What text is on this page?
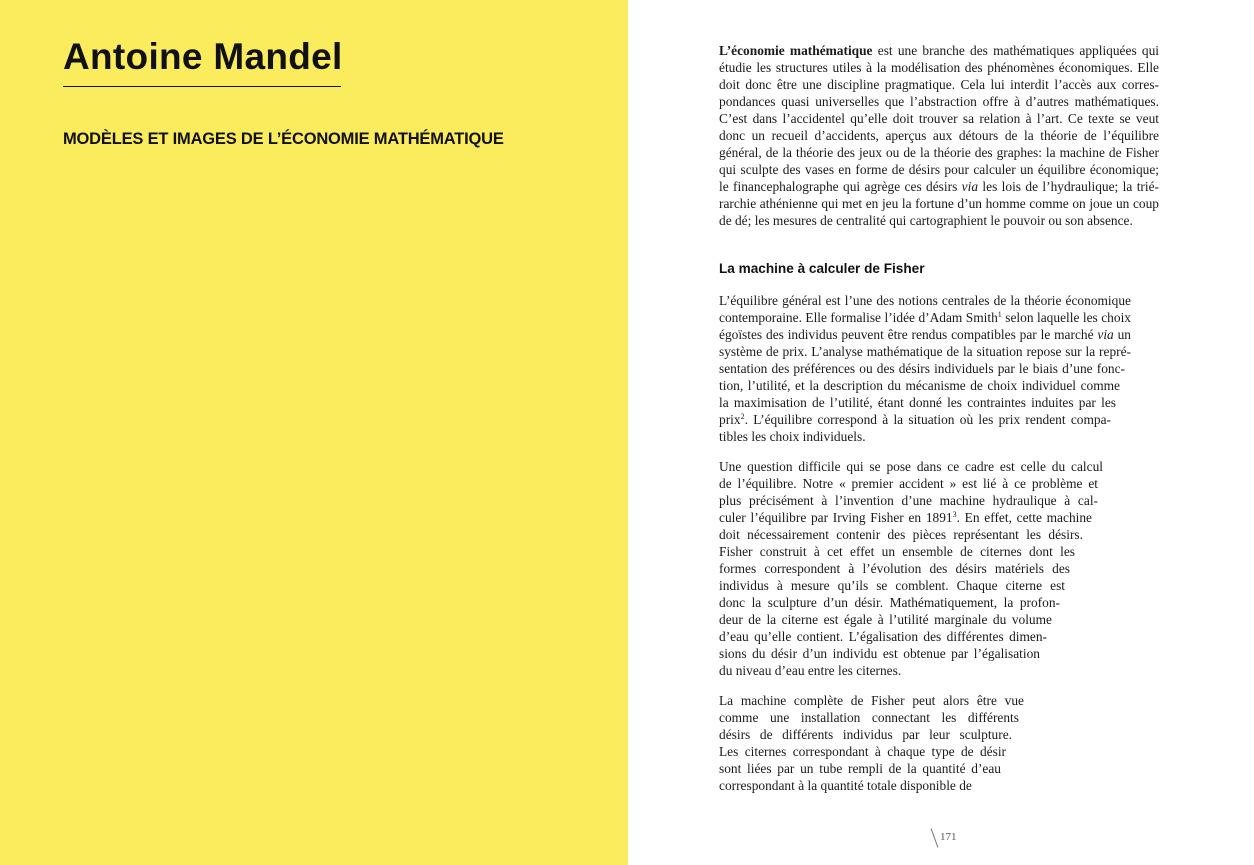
Antoine Mandel
MODÈLES ET IMAGES DE L’ÉCONOMIE MATHÉMATIQUE
L’économie mathématique est une branche des mathématiques appliquées qui
étudie les structures utiles à la modélisation des phénomènes économiques. Elle
doit donc être une discipline pragmatique. Cela lui interdit l’accès aux corres-
pondances quasi universelles que l’abstraction offre à d’autres mathématiques.
C’est dans l’accidentel qu’elle doit trouver sa relation à l’art. Ce texte se veut
donc un recueil d’accidents, aperçus aux détours de la théorie de l’équilibre
général, de la théorie des jeux ou de la théorie des graphes: la machine de Fisher
qui sculpte des vases en forme de désirs pour calculer un équilibre économique;
le financephalographe qui agrège ces désirs via les lois de l’hydraulique; la trié-
rarchie athénienne qui met en jeu la fortune d’un homme comme on joue un coup
de dé; les mesures de centralité qui cartographient le pouvoir ou son absence.
La machine à calculer de Fisher
L’équilibre général est l’une des notions centrales de la théorie économique
contemporaine. Elle formalise l’idée d’Adam Smith$^1$ selon laquelle les choix
égoïstes des individus peuvent être rendus compatibles par le marché via un
système de prix. L’analyse mathématique de la situation repose sur la repré-
sentation des préférences ou des désirs individuels par le biais d’une fonc-
tion, l’utilité, et la description du mécanisme de choix individuel comme
la maximisation de l’utilité, étant donné les contraintes induites par les
prix$^2$. L’équilibre correspond à la situation où les prix rendent compa-
tibles les choix individuels.
Une question difficile qui se pose dans ce cadre est celle du calcul
de l’équilibre. Notre « premier accident » est lié à ce problème et
plus précisément à l’invention d’une machine hydraulique à cal-
culer l’équilibre par Irving Fisher en 1891$^3$. En effet, cette machine
doit nécessairement contenir des pièces représentant les désirs.
Fisher construit à cet effet un ensemble de citernes dont les
formes correspondent à l’évolution des désirs matériels des
individus à mesure qu’ils se comblent. Chaque citerne est
donc la sculpture d’un désir. Mathématiquement, la profon-
deur de la citerne est égale à l’utilité marginale du volume
d’eau qu’elle contient. L’égalisation des différentes dimen-
sions du désir d’un individu est obtenue par l’égalisation
du niveau d’eau entre les citernes.
La machine complète de Fisher peut alors être vue
comme une installation connectant les différents
désirs de différents individus par leur sculpture.
Les citernes correspondant à chaque type de désir
sont liées par un tube rempli de la quantité d’eau
correspondant à la quantité totale disponible de
171
